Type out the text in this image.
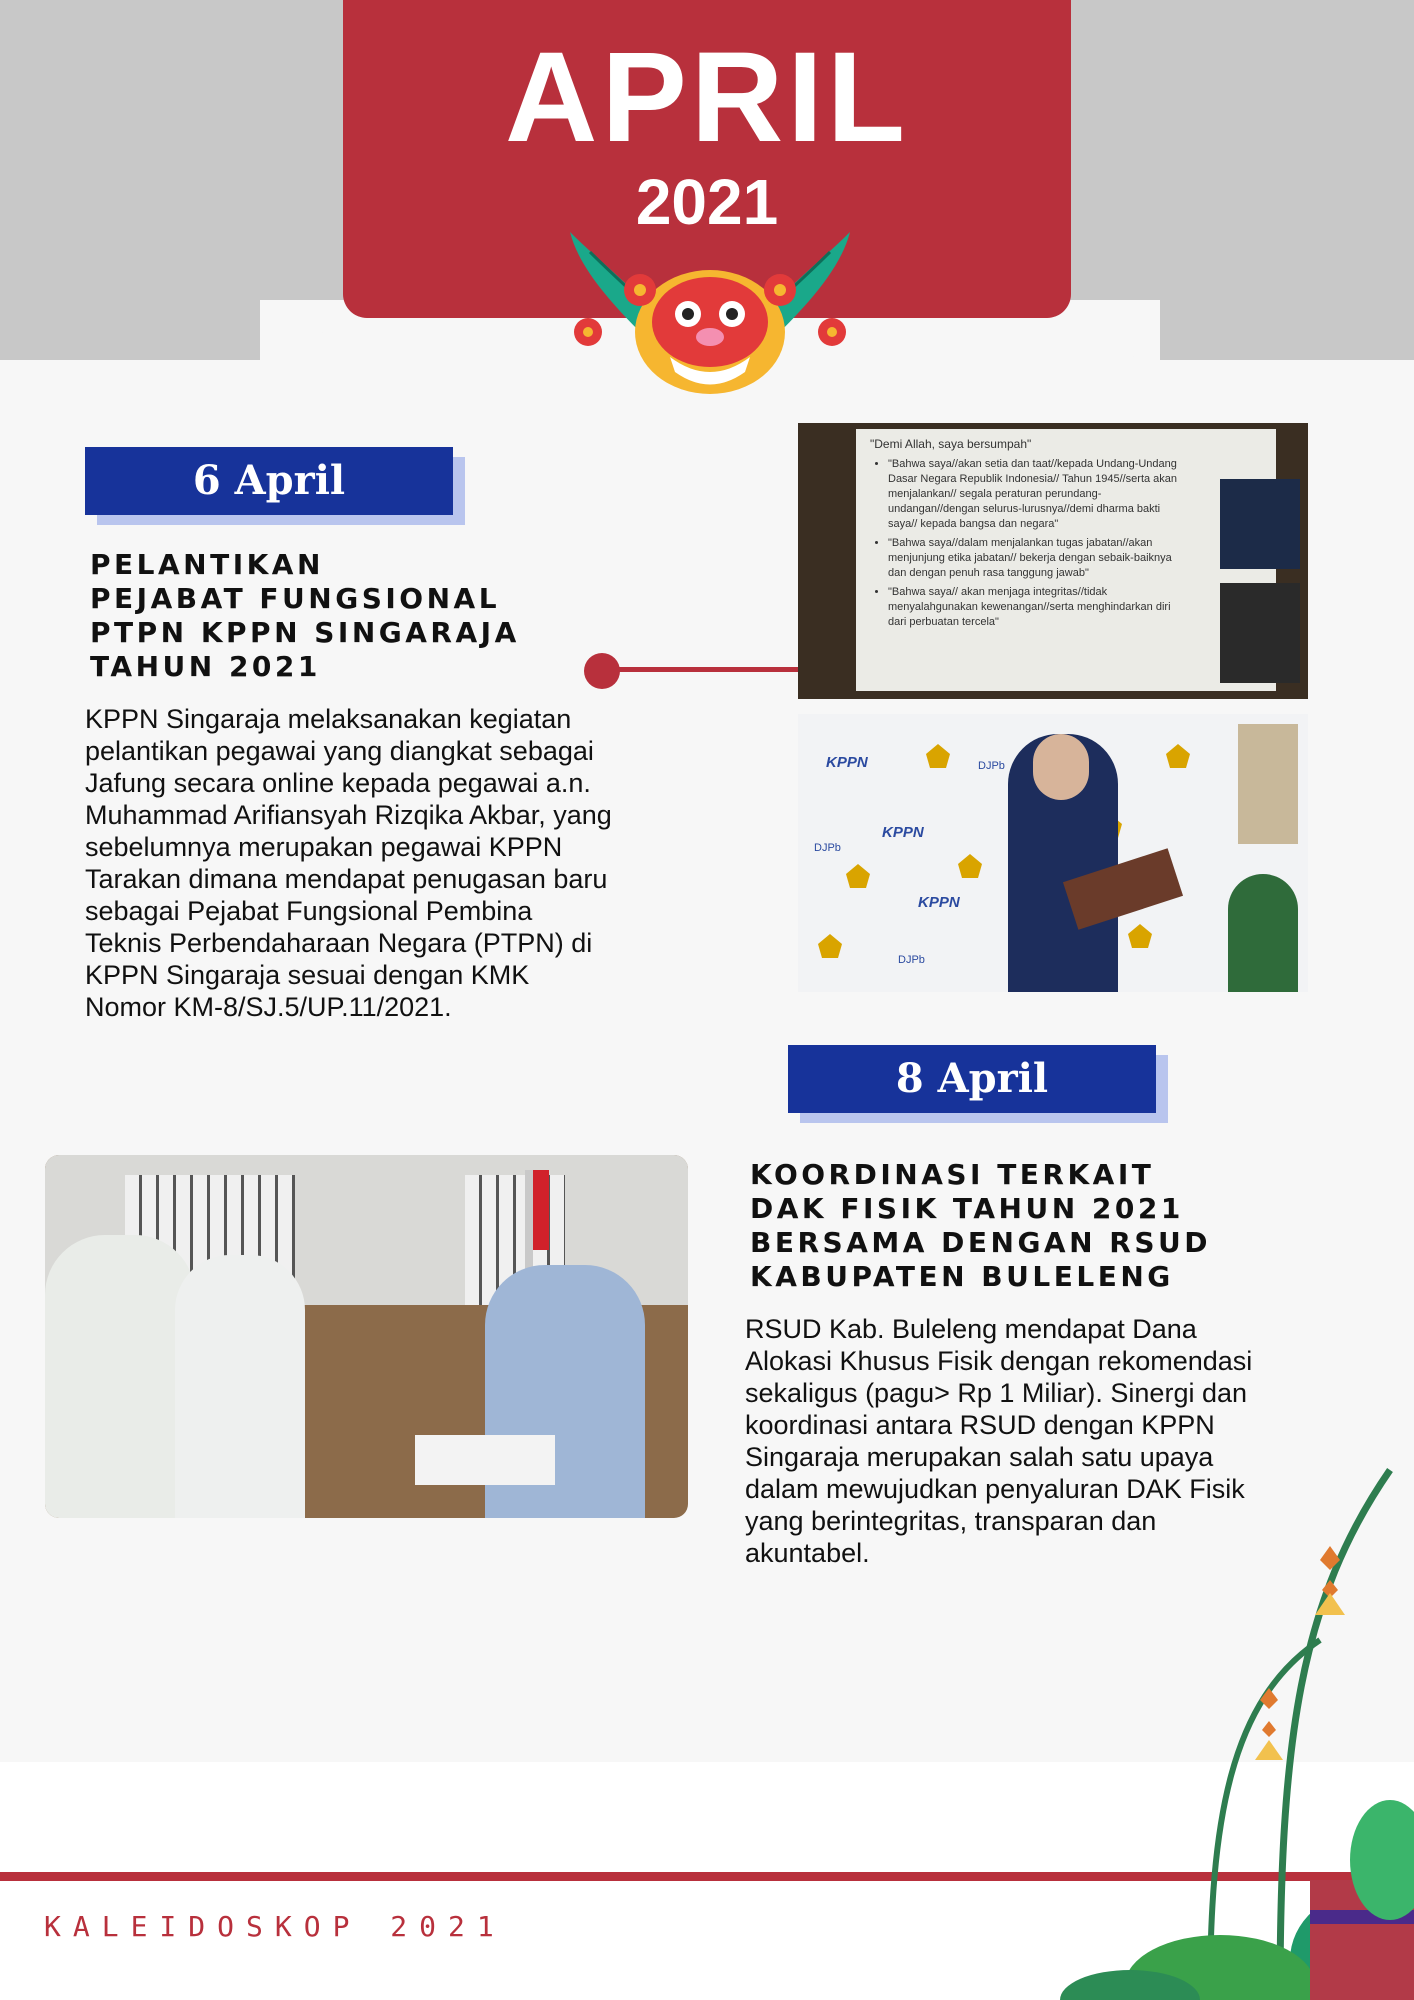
APRIL
2021
6 April
PELANTIKAN
PEJABAT FUNGSIONAL
PTPN KPPN SINGARAJA
TAHUN 2021

KPPN Singaraja melaksanakan kegiatan pelantikan pegawai yang diangkat sebagai Jafung secara online kepada pegawai a.n. Muhammad Arifiansyah Rizqika Akbar, yang sebelumnya merupakan pegawai KPPN Tarakan dimana mendapat penugasan baru sebagai Pejabat Fungsional Pembina Teknis Perbendaharaan Negara (PTPN) di KPPN Singaraja sesuai dengan KMK Nomor KM-8/SJ.5/UP.11/2021.

"Demi Allah, saya bersumpah"
• "Bahwa saya//akan setia dan taat//kepada Undang-Undang Dasar Negara Republik Indonesia// Tahun 1945//serta akan menjalankan// segala peraturan perundang-undangan//dengan selurus-lurusnya//demi dharma bakti saya// kepada bangsa dan negara"
• "Bahwa saya//dalam menjalankan tugas jabatan//akan menjunjung etika jabatan// bekerja dengan sebaik-baiknya dan dengan penuh rasa tanggung jawab"
• "Bahwa saya// akan menjaga integritas//tidak menyalahgunakan kewenangan//serta menghindarkan diri dari perbuatan tercela"
KPPN
KPPN
KPPN
DJPb
DJPb
DJPb
8 April
KOORDINASI TERKAIT
DAK FISIK TAHUN 2021
BERSAMA DENGAN RSUD
KABUPATEN BULELENG

RSUD Kab. Buleleng mendapat Dana Alokasi Khusus Fisik dengan rekomendasi sekaligus (pagu> Rp 1 Miliar). Sinergi dan koordinasi antara RSUD dengan KPPN Singaraja merupakan salah satu upaya dalam mewujudkan penyaluran DAK Fisik yang berintegritas, transparan dan akuntabel.

KALEIDOSKOP 2021
